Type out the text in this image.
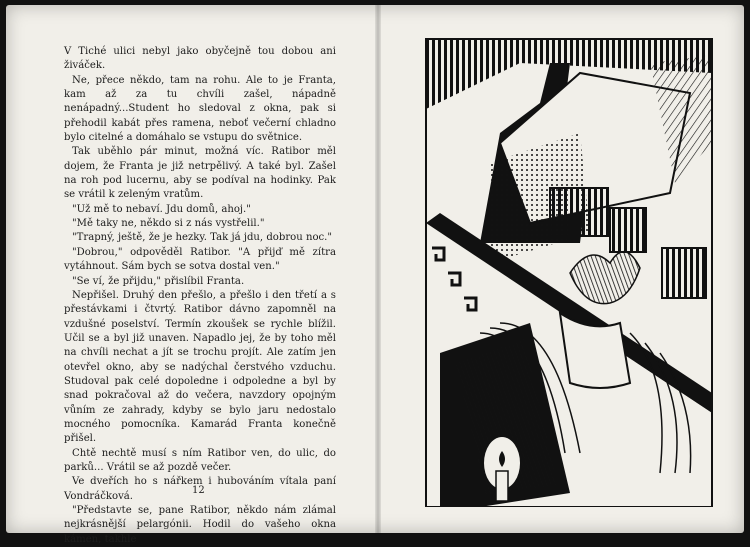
V Tiché ulici nebyl jako obyčejně tou dobou ani živáček.

Ne, přece někdo, tam na rohu. Ale to je Franta, kam až za tu chvíli zašel, nápadně nenápadný...Student ho sledoval z okna, pak si přehodil kabát přes ramena, neboť večerní chladno bylo citelné a domáhalo se vstupu do světnice.

Tak uběhlo pár minut, možná víc. Ratibor měl dojem, že Franta je již netrpělivý. A také byl. Zašel na roh pod lucernu, aby se podíval na hodinky. Pak se vrátil k zeleným vratům.

"Už mě to nebaví. Jdu domů, ahoj."

"Mě taky ne, někdo si z nás vystřelil."

"Trapný, ještě, že je hezky. Tak já jdu, dobrou noc."

"Dobrou," odpověděl Ratibor. "A přijď mě zítra vytáhnout. Sám bych se sotva dostal ven."

"Se ví, že přijdu," přislíbil Franta.

Nepřišel. Druhý den přešlo, a přešlo i den třetí a s přestávkami i čtvrtý. Ratibor dávno zapomněl na vzdušné poselství. Termín zkoušek se rychle blížil. Učil se a byl již unaven. Napadlo jej, že by toho měl na chvíli nechat a jít se trochu projít. Ale zatím jen otevřel okno, aby se nadýchal čerstvého vzduchu. Studoval pak celé dopoledne i odpoledne a byl by snad pokračoval až do večera, navzdory opojným vůním ze zahrady, kdyby se bylo jaru nedostalo mocného pomocníka. Kamarád Franta konečně přišel.

Chtě nechtě musí s ním Ratibor ven, do ulic, do parků... Vrátil se až pozdě večer.

Ve dveřích ho s nářkem i hubováním vítala paní Vondráčková.

"Představte se, pane Ratibor, někdo nám zlámal nejkrásnější pelargónii. Hodil do vašeho okna kámen, takhle

12
